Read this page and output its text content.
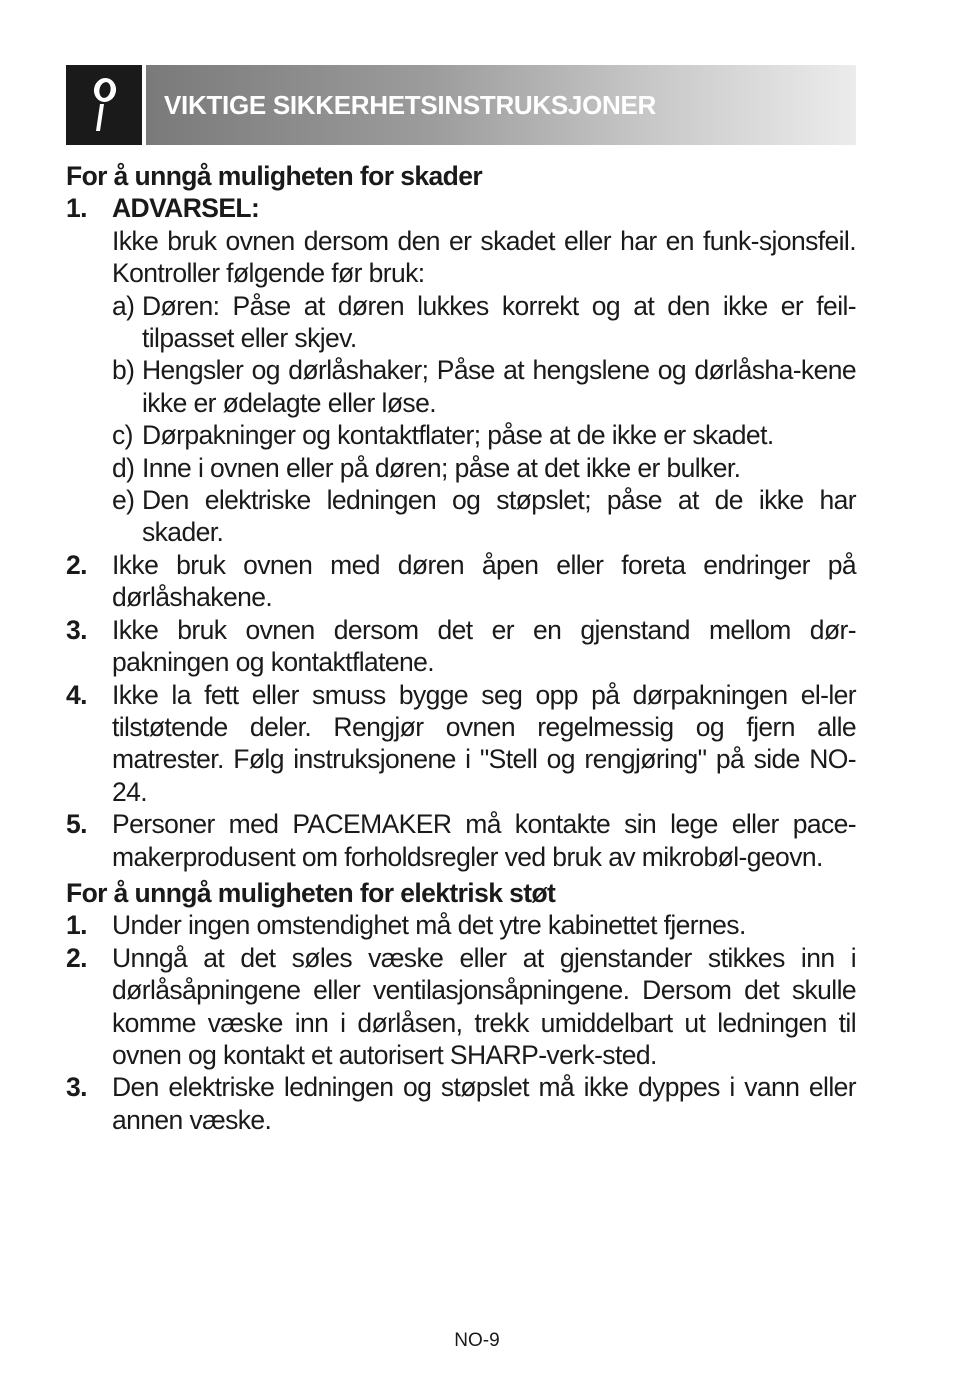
VIKTIGE SIKKERHETSINSTRUKSJONER

For å unngå muligheten for skader

1. ADVARSEL:
Ikke bruk ovnen dersom den er skadet eller har en funk-sjonsfeil. Kontroller følgende før bruk:
a) Døren: Påse at døren lukkes korrekt og at den ikke er feil-tilpasset eller skjev.
b) Hengsler og dørlåshaker; Påse at hengslene og dørlåsha-kene ikke er ødelagte eller løse.
c) Dørpakninger og kontaktflater; påse at de ikke er skadet.
d) Inne i ovnen eller på døren; påse at det ikke er bulker.
e) Den elektriske ledningen og støpslet; påse at de ikke har skader.
2. Ikke bruk ovnen med døren åpen eller foreta endringer på dørlåshakene.
3. Ikke bruk ovnen dersom det er en gjenstand mellom dør-pakningen og kontaktflatene.
4. Ikke la fett eller smuss bygge seg opp på dørpakningen el-ler tilstøtende deler. Rengjør ovnen regelmessig og fjern alle matrester. Følg instruksjonene i "Stell og rengjøring" på side NO-24.
5. Personer med PACEMAKER må kontakte sin lege eller pace-makerprodusent om forholdsregler ved bruk av mikrobøl-geovn.

For å unngå muligheten for elektrisk støt

1. Under ingen omstendighet må det ytre kabinettet fjernes.
2. Unngå at det søles væske eller at gjenstander stikkes inn i dørlåsåpningene eller ventilasjonsåpningene. Dersom det skulle komme væske inn i dørlåsen, trekk umiddelbart ut ledningen til ovnen og kontakt et autorisert SHARP-verk-sted.
3. Den elektriske ledningen og støpslet må ikke dyppes i vann eller annen væske.
NO-9
